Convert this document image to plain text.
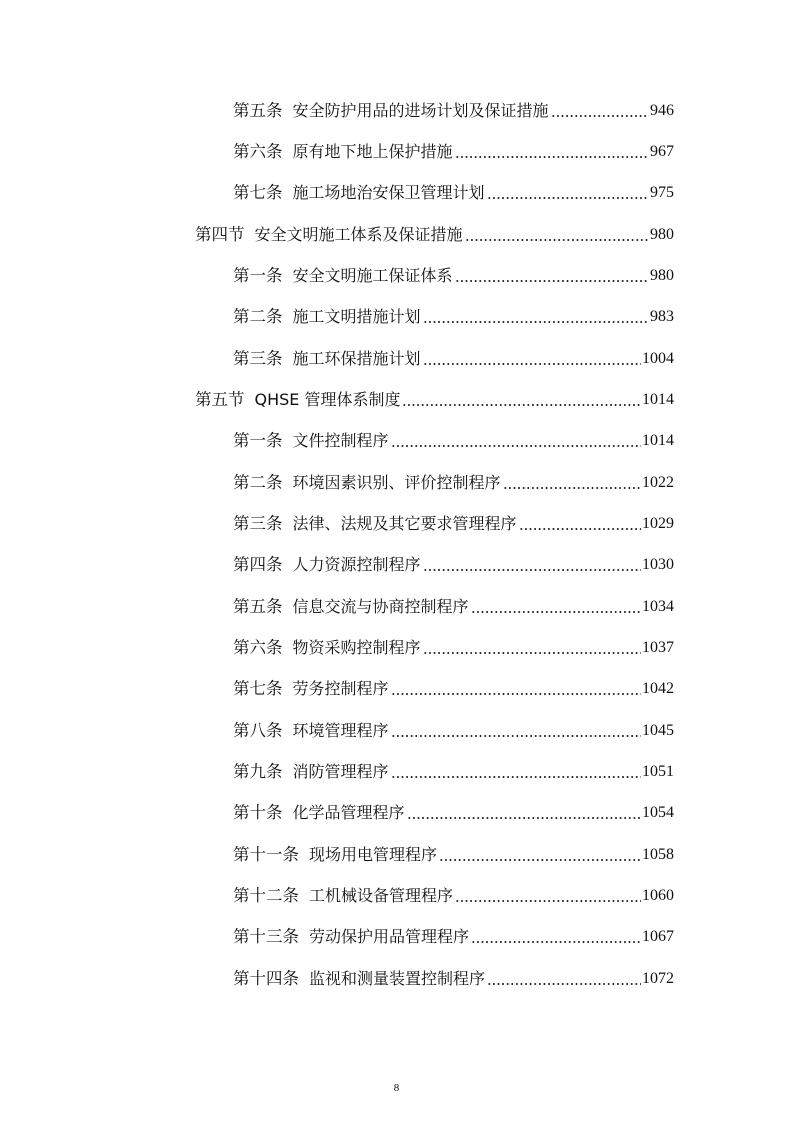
第五条 安全防护用品的进场计划及保证措施	946
第六条 原有地下地上保护措施	967
第七条 施工场地治安保卫管理计划	975
第四节 安全文明施工体系及保证措施	980
第一条 安全文明施工保证体系	980
第二条 施工文明措施计划	983
第三条 施工环保措施计划	1004
第五节 QHSE 管理体系制度	1014
第一条 文件控制程序	1014
第二条 环境因素识别、评价控制程序	1022
第三条 法律、法规及其它要求管理程序	1029
第四条 人力资源控制程序	1030
第五条 信息交流与协商控制程序	1034
第六条 物资采购控制程序	1037
第七条 劳务控制程序	1042
第八条 环境管理程序	1045
第九条 消防管理程序	1051
第十条 化学品管理程序	1054
第十一条 现场用电管理程序	1058
第十二条 工机械设备管理程序	1060
第十三条 劳动保护用品管理程序	1067
第十四条 监视和测量装置控制程序	1072
8
